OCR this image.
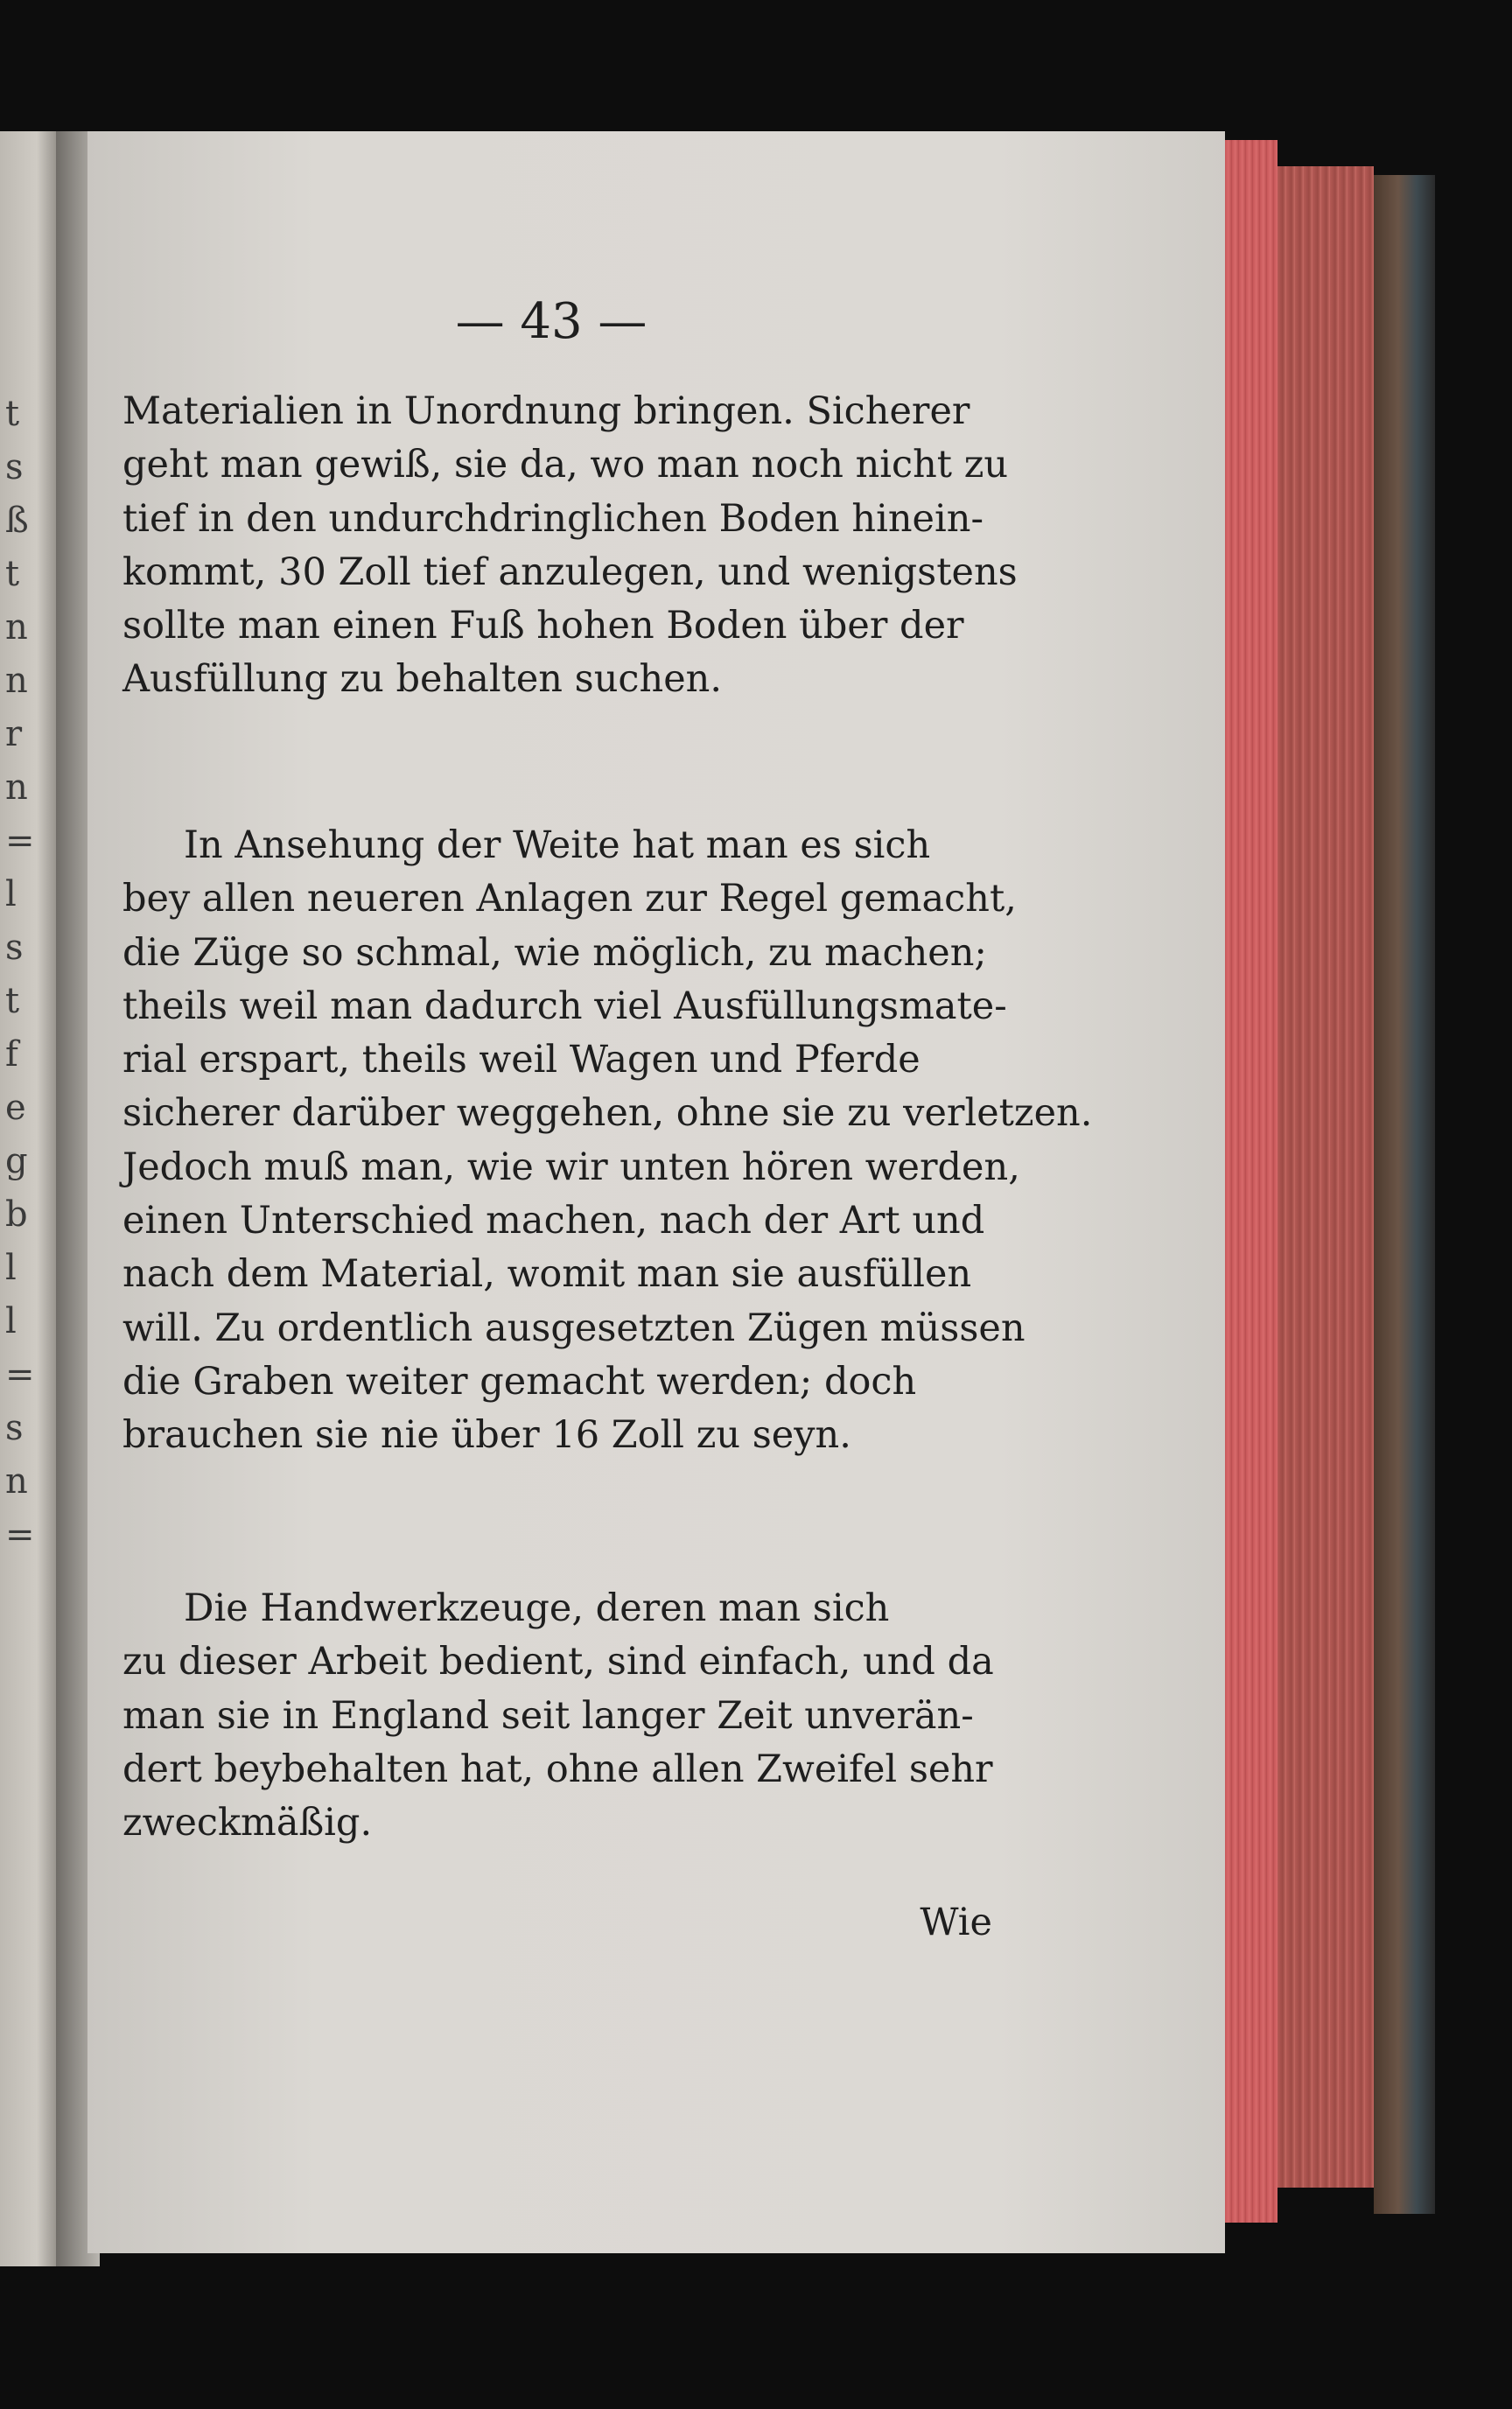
t
s
ß
t
n
n
r
n
=
l
s
t
f
e
g
b
l
l
=
s
n
=
— 43 —
Materialien in Unordnung bringen. Sicherer
geht man gewiß, sie da, wo man noch nicht zu
tief in den undurchdringlichen Boden hinein-
kommt, 30 Zoll tief anzulegen, und wenigstens
sollte man einen Fuß hohen Boden über der
Ausfüllung zu behalten suchen.
In Ansehung der Weite hat man es sich
bey allen neueren Anlagen zur Regel gemacht,
die Züge so schmal, wie möglich, zu machen;
theils weil man dadurch viel Ausfüllungsmate-
rial erspart, theils weil Wagen und Pferde
sicherer darüber weggehen, ohne sie zu verletzen.
Jedoch muß man, wie wir unten hören werden,
einen Unterschied machen, nach der Art und
nach dem Material, womit man sie ausfüllen
will. Zu ordentlich ausgesetzten Zügen müssen
die Graben weiter gemacht werden; doch
brauchen sie nie über 16 Zoll zu seyn.
Die Handwerkzeuge, deren man sich
zu dieser Arbeit bedient, sind einfach, und da
man sie in England seit langer Zeit unverän-
dert beybehalten hat, ohne allen Zweifel sehr
zweckmäßig.
Wie
